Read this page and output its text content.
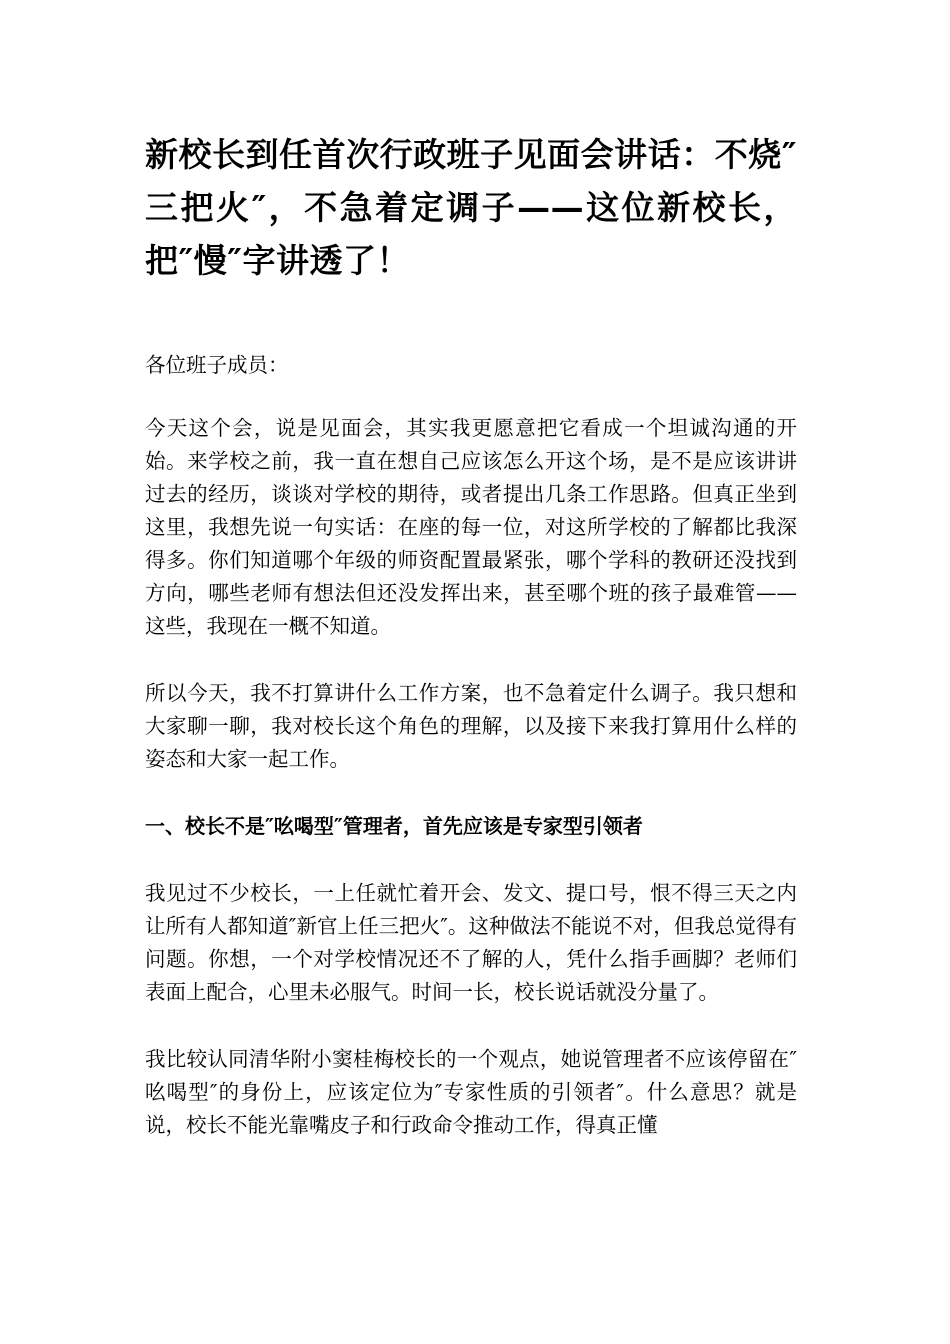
新校长到任首次行政班子见面会讲话：不烧″三把火″，不急着定调子——这位新校长，把″慢″字讲透了！

各位班子成员：

今天这个会，说是见面会，其实我更愿意把它看成一个坦诚沟通的开始。来学校之前，我一直在想自己应该怎么开这个场，是不是应该讲讲过去的经历，谈谈对学校的期待，或者提出几条工作思路。但真正坐到这里，我想先说一句实话：在座的每一位，对这所学校的了解都比我深得多。你们知道哪个年级的师资配置最紧张，哪个学科的教研还没找到方向，哪些老师有想法但还没发挥出来，甚至哪个班的孩子最难管——这些，我现在一概不知道。

所以今天，我不打算讲什么工作方案，也不急着定什么调子。我只想和大家聊一聊，我对校长这个角色的理解，以及接下来我打算用什么样的姿态和大家一起工作。

一、校长不是″吆喝型″管理者，首先应该是专家型引领者

我见过不少校长，一上任就忙着开会、发文、提口号，恨不得三天之内让所有人都知道″新官上任三把火″。这种做法不能说不对，但我总觉得有问题。你想，一个对学校情况还不了解的人，凭什么指手画脚？老师们表面上配合，心里未必服气。时间一长，校长说话就没分量了。

我比较认同清华附小窦桂梅校长的一个观点，她说管理者不应该停留在″吆喝型″的身份上，应该定位为″专家性质的引领者″。什么意思？就是说，校长不能光靠嘴皮子和行政命令推动工作，得真正懂
